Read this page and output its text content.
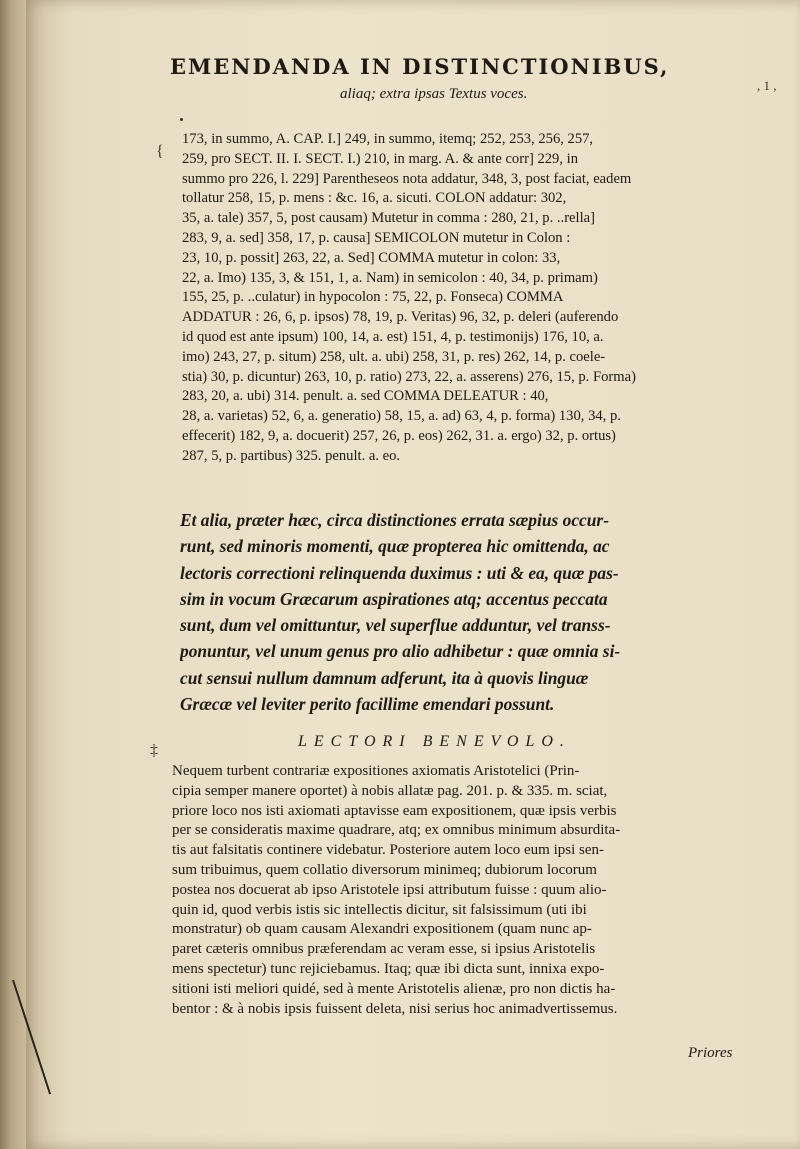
{
‡
, 1 ,
EMENDANDA IN DISTINCTIONIBUS,
aliaq; extra ipsas Textus voces.
173, in summo, A. CAP. I.] 249, in summo, itemq; 252, 253, 256, 257,
259, pro SECT. II. I. SECT. I.) 210, in marg. A. & ante corr] 229, in
summo pro 226, l. 229] Parentheseos nota addatur, 348, 3, post faciat, eadem
tollatur 258, 15, p. mens : &c. 16, a. sicuti. COLON addatur: 302,
35, a. tale) 357, 5, post causam) Mutetur in comma : 280, 21, p. ..rella]
283, 9, a. sed] 358, 17, p. causa] SEMICOLON mutetur in Colon :
23, 10, p. possit] 263, 22, a. Sed] COMMA mutetur in colon: 33,
22, a. Imo) 135, 3, & 151, 1, a. Nam) in semicolon : 40, 34, p. primam)
155, 25, p. ..culatur) in hypocolon : 75, 22, p. Fonseca) COMMA
ADDATUR : 26, 6, p. ipsos) 78, 19, p. Veritas) 96, 32, p. deleri (auferendo
id quod est ante ipsum) 100, 14, a. est) 151, 4, p. testimonijs) 176, 10, a.
imo) 243, 27, p. situm) 258, ult. a. ubi) 258, 31, p. res) 262, 14, p. coele-
stia) 30, p. dicuntur) 263, 10, p. ratio) 273, 22, a. asserens) 276, 15, p. Forma)
283, 20, a. ubi) 314. penult. a. sed COMMA DELEATUR : 40,
28, a. varietas) 52, 6, a. generatio) 58, 15, a. ad) 63, 4, p. forma) 130, 34, p.
effecerit) 182, 9, a. docuerit) 257, 26, p. eos) 262, 31. a. ergo) 32, p. ortus)
287, 5, p. partibus) 325. penult. a. eo.
Et alia, præter hæc, circa distinctiones errata sæpius occur-
runt, sed minoris momenti, quæ propterea hic omittenda, ac
lectoris correctioni relinquenda duximus : uti & ea, quæ pas-
sim in vocum Græcarum aspirationes atq; accentus peccata
sunt, dum vel omittuntur, vel superflue adduntur, vel transs-
ponuntur, vel unum genus pro alio adhibetur : quæ omnia si-
cut sensui nullum damnum adferunt, ita à quovis linguæ
Græcæ vel leviter perito facillime emendari possunt.
LECTORI BENEVOLO.
Nequem turbent contrariæ expositiones axiomatis Aristotelici (Prin-
cipia semper manere oportet) à nobis allatæ pag. 201. p. & 335. m. sciat,
priore loco nos isti axiomati aptavisse eam expositionem, quæ ipsis verbis
per se consideratis maxime quadrare, atq; ex omnibus minimum absurdita-
tis aut falsitatis continere videbatur. Posteriore autem loco eum ipsi sen-
sum tribuimus, quem collatio diversorum minimeq; dubiorum locorum
postea nos docuerat ab ipso Aristotele ipsi attributum fuisse : quum alio-
quin id, quod verbis istis sic intellectis dicitur, sit falsissimum (uti ibi
monstratur) ob quam causam Alexandri expositionem (quam nunc ap-
paret cæteris omnibus præferendam ac veram esse, si ipsius Aristotelis
mens spectetur) tunc rejiciebamus. Itaq; quæ ibi dicta sunt, innixa expo-
sitioni isti meliori quidé, sed à mente Aristotelis alienæ, pro non dictis ha-
bentor : & à nobis ipsis fuissent deleta, nisi serius hoc animadvertissemus.
Priores
